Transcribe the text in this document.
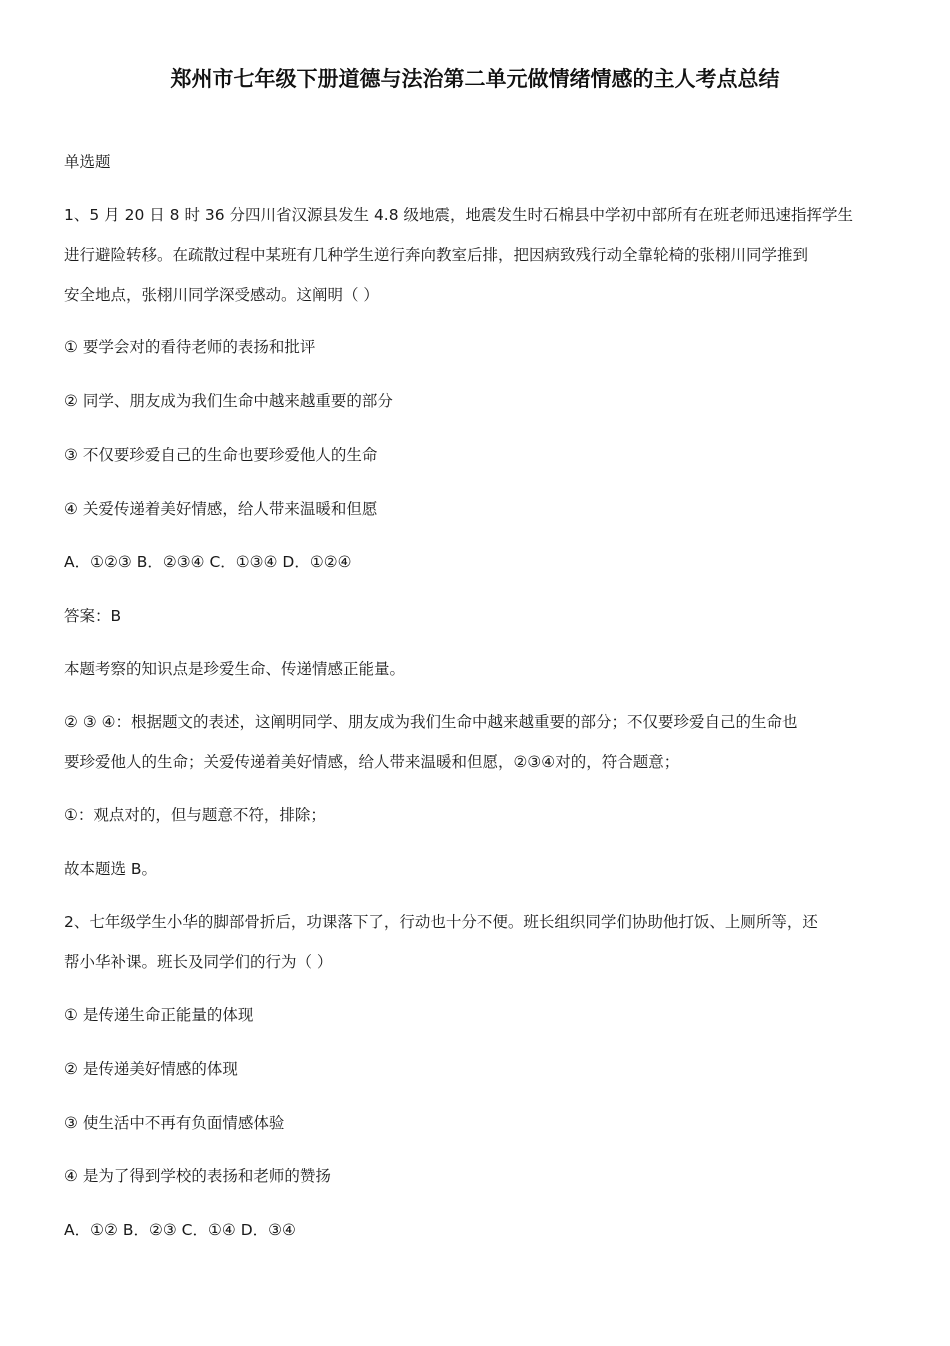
郑州市七年级下册道德与法治第二单元做情绪情感的主人考点总结
单选题
1、5 月 20 日 8 时 36 分四川省汉源县发生 4.8 级地震，地震发生时石棉县中学初中部所有在班老师迅速指挥学生
进行避险转移。在疏散过程中某班有几种学生逆行奔向教室后排，把因病致残行动全靠轮椅的张栩川同学推到
安全地点，张栩川同学深受感动。这阐明（ ）
① 要学会对的看待老师的表扬和批评
② 同学、朋友成为我们生命中越来越重要的部分
③ 不仅要珍爱自己的生命也要珍爱他人的生命
④ 关爱传递着美好情感，给人带来温暖和但愿
A．①②③ B．②③④ C．①③④ D．①②④
答案：B
本题考察的知识点是珍爱生命、传递情感正能量。
② ③ ④：根据题文的表述，这阐明同学、朋友成为我们生命中越来越重要的部分；不仅要珍爱自己的生命也
要珍爱他人的生命；关爱传递着美好情感，给人带来温暖和但愿，②③④对的，符合题意；
①：观点对的，但与题意不符，排除；
故本题选 B。
2、七年级学生小华的脚部骨折后，功课落下了，行动也十分不便。班长组织同学们协助他打饭、上厕所等，还
帮小华补课。班长及同学们的行为（ ）
① 是传递生命正能量的体现
② 是传递美好情感的体现
③ 使生活中不再有负面情感体验
④ 是为了得到学校的表扬和老师的赞扬
A．①② B．②③ C．①④ D．③④
